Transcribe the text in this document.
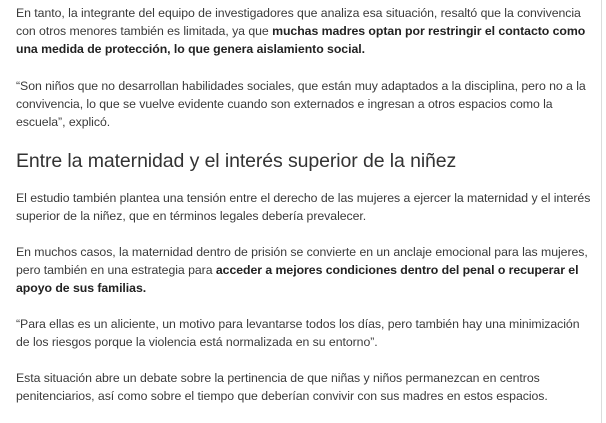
En tanto, la integrante del equipo de investigadores que analiza esa situación, resaltó que la convivencia con otros menores también es limitada, ya que muchas madres optan por restringir el contacto como una medida de protección, lo que genera aislamiento social.

“Son niños que no desarrollan habilidades sociales, que están muy adaptados a la disciplina, pero no a la convivencia, lo que se vuelve evidente cuando son externados e ingresan a otros espacios como la escuela”, explicó.

Entre la maternidad y el interés superior de la niñez

El estudio también plantea una tensión entre el derecho de las mujeres a ejercer la maternidad y el interés superior de la niñez, que en términos legales debería prevalecer.

En muchos casos, la maternidad dentro de prisión se convierte en un anclaje emocional para las mujeres, pero también en una estrategia para acceder a mejores condiciones dentro del penal o recuperar el apoyo de sus familias.

“Para ellas es un aliciente, un motivo para levantarse todos los días, pero también hay una minimización de los riesgos porque la violencia está normalizada en su entorno”.

Esta situación abre un debate sobre la pertinencia de que niñas y niños permanezcan en centros penitenciarios, así como sobre el tiempo que deberían convivir con sus madres en estos espacios.
